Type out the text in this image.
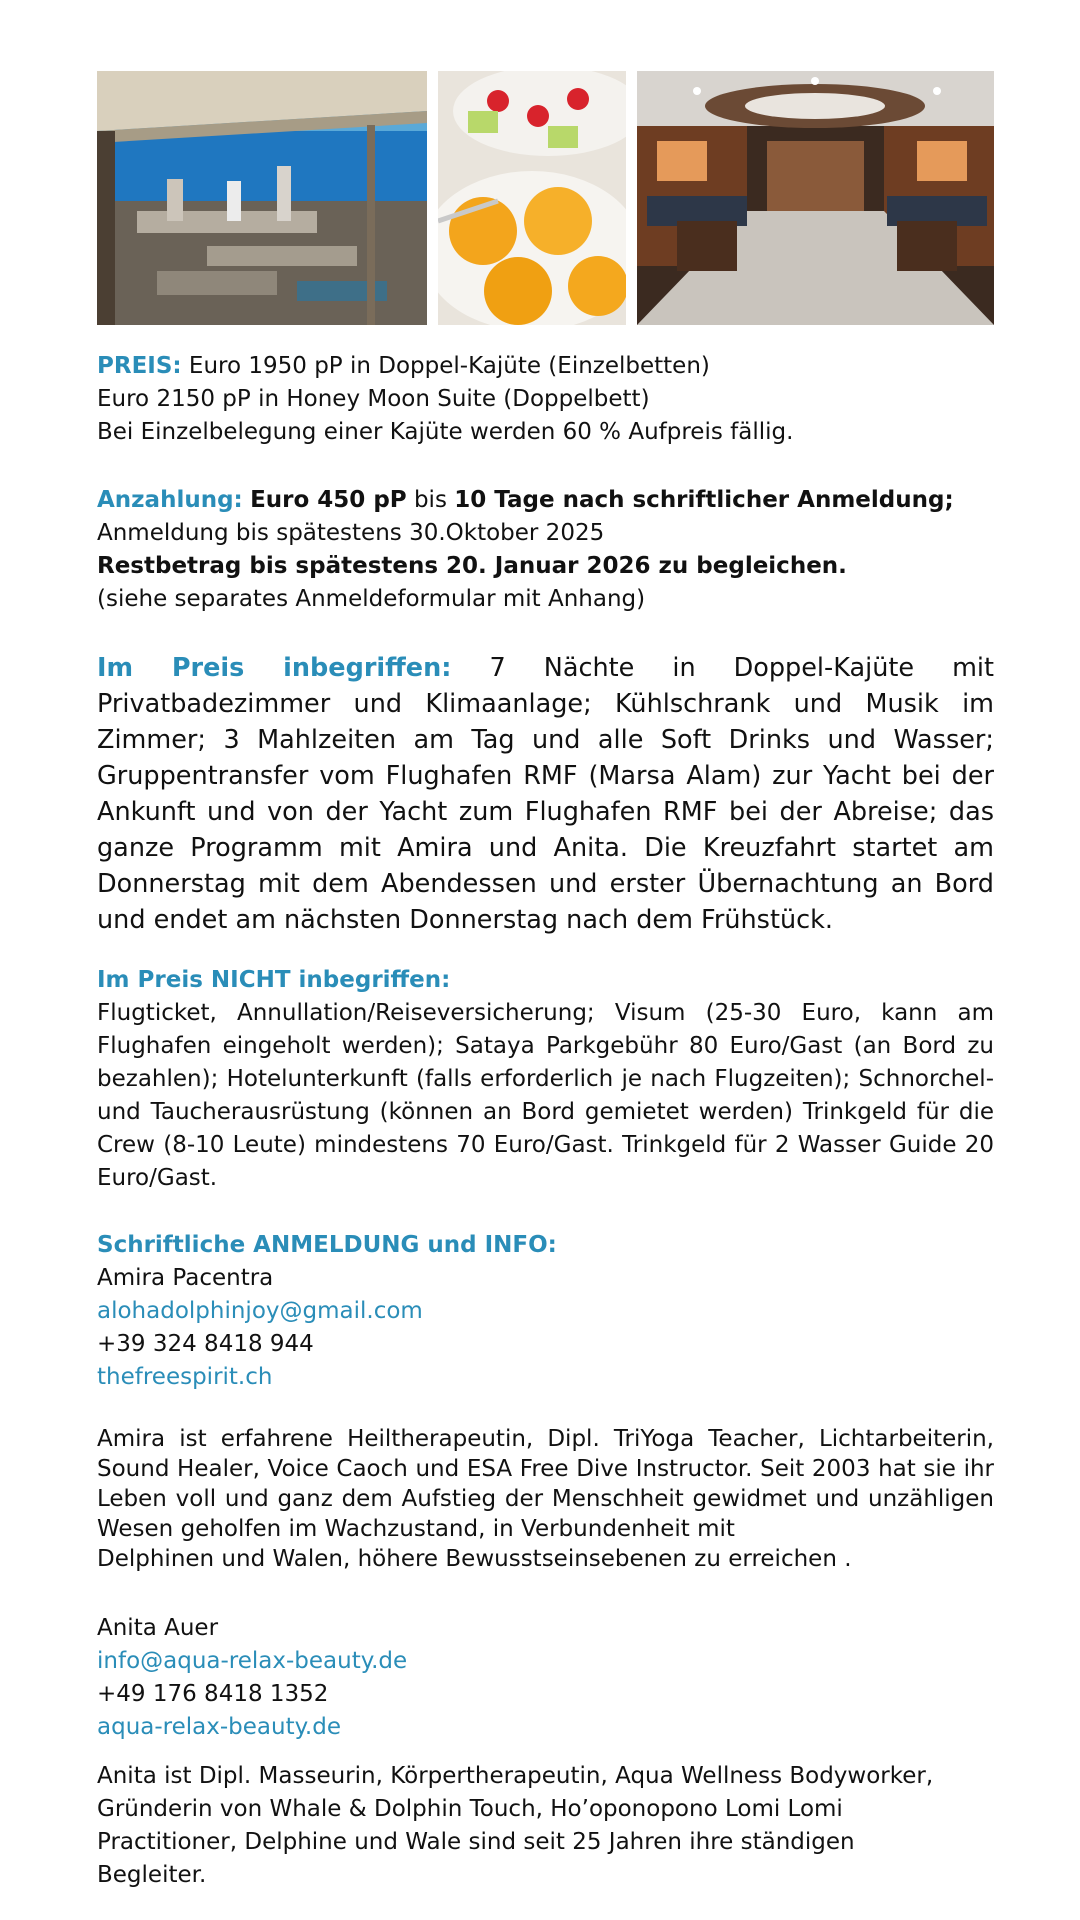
PREIS: Euro 1950 pP in Doppel-Kajüte (Einzelbetten)
Euro 2150 pP in Honey Moon Suite (Doppelbett)
Bei Einzelbelegung einer Kajüte werden 60 % Aufpreis fällig.
Anzahlung: Euro 450 pP bis 10 Tage nach schriftlicher Anmeldung;
Anmeldung bis spätestens 30.Oktober 2025
Restbetrag bis spätestens 20. Januar 2026 zu begleichen.
(siehe separates Anmeldeformular mit Anhang)
Im Preis inbegriffen: 7 Nächte in Doppel-Kajüte mit Privatbadezimmer und Klimaanlage; Kühlschrank und Musik im Zimmer; 3 Mahlzeiten am Tag und alle Soft Drinks und Wasser; Gruppentransfer vom Flughafen RMF (Marsa Alam) zur Yacht bei der Ankunft und von der Yacht zum Flughafen RMF bei der Abreise; das ganze Programm mit Amira und Anita. Die Kreuzfahrt startet am Donnerstag mit dem Abendessen und erster Übernachtung an Bord und endet am nächsten Donnerstag nach dem Frühstück.
Im Preis NICHT inbegriffen:
Flugticket, Annullation/Reiseversicherung; Visum (25-30 Euro, kann am Flughafen eingeholt werden); Sataya Parkgebühr 80 Euro/Gast (an Bord zu bezahlen); Hotelunterkunft (falls erforderlich je nach Flugzeiten); Schnorchel- und Taucherausrüstung (können an Bord gemietet werden) Trinkgeld für die Crew (8-10 Leute) mindestens 70 Euro/Gast. Trinkgeld für 2 Wasser Guide 20 Euro/Gast.
Schriftliche ANMELDUNG und INFO:
Amira Pacentra
alohadolphinjoy@gmail.com
+39 324 8418 944
thefreespirit.ch
Amira ist erfahrene Heiltherapeutin, Dipl. TriYoga Teacher, Lichtarbeiterin, Sound Healer, Voice Caoch und ESA Free Dive Instructor. Seit 2003 hat sie ihr Leben voll und ganz dem Aufstieg der Menschheit gewidmet und unzähligen Wesen geholfen im Wachzustand, in Verbundenheit mit
Delphinen und Walen, höhere Bewusstseinsebenen zu erreichen .
Anita Auer
info@aqua-relax-beauty.de
+49 176 8418 1352
aqua-relax-beauty.de
Anita ist Dipl. Masseurin, Körpertherapeutin, Aqua Wellness Bodyworker,
Gründerin von Whale & Dolphin Touch, Ho’oponopono Lomi Lomi
Practitioner, Delphine und Wale sind seit 25 Jahren ihre ständigen
Begleiter.
